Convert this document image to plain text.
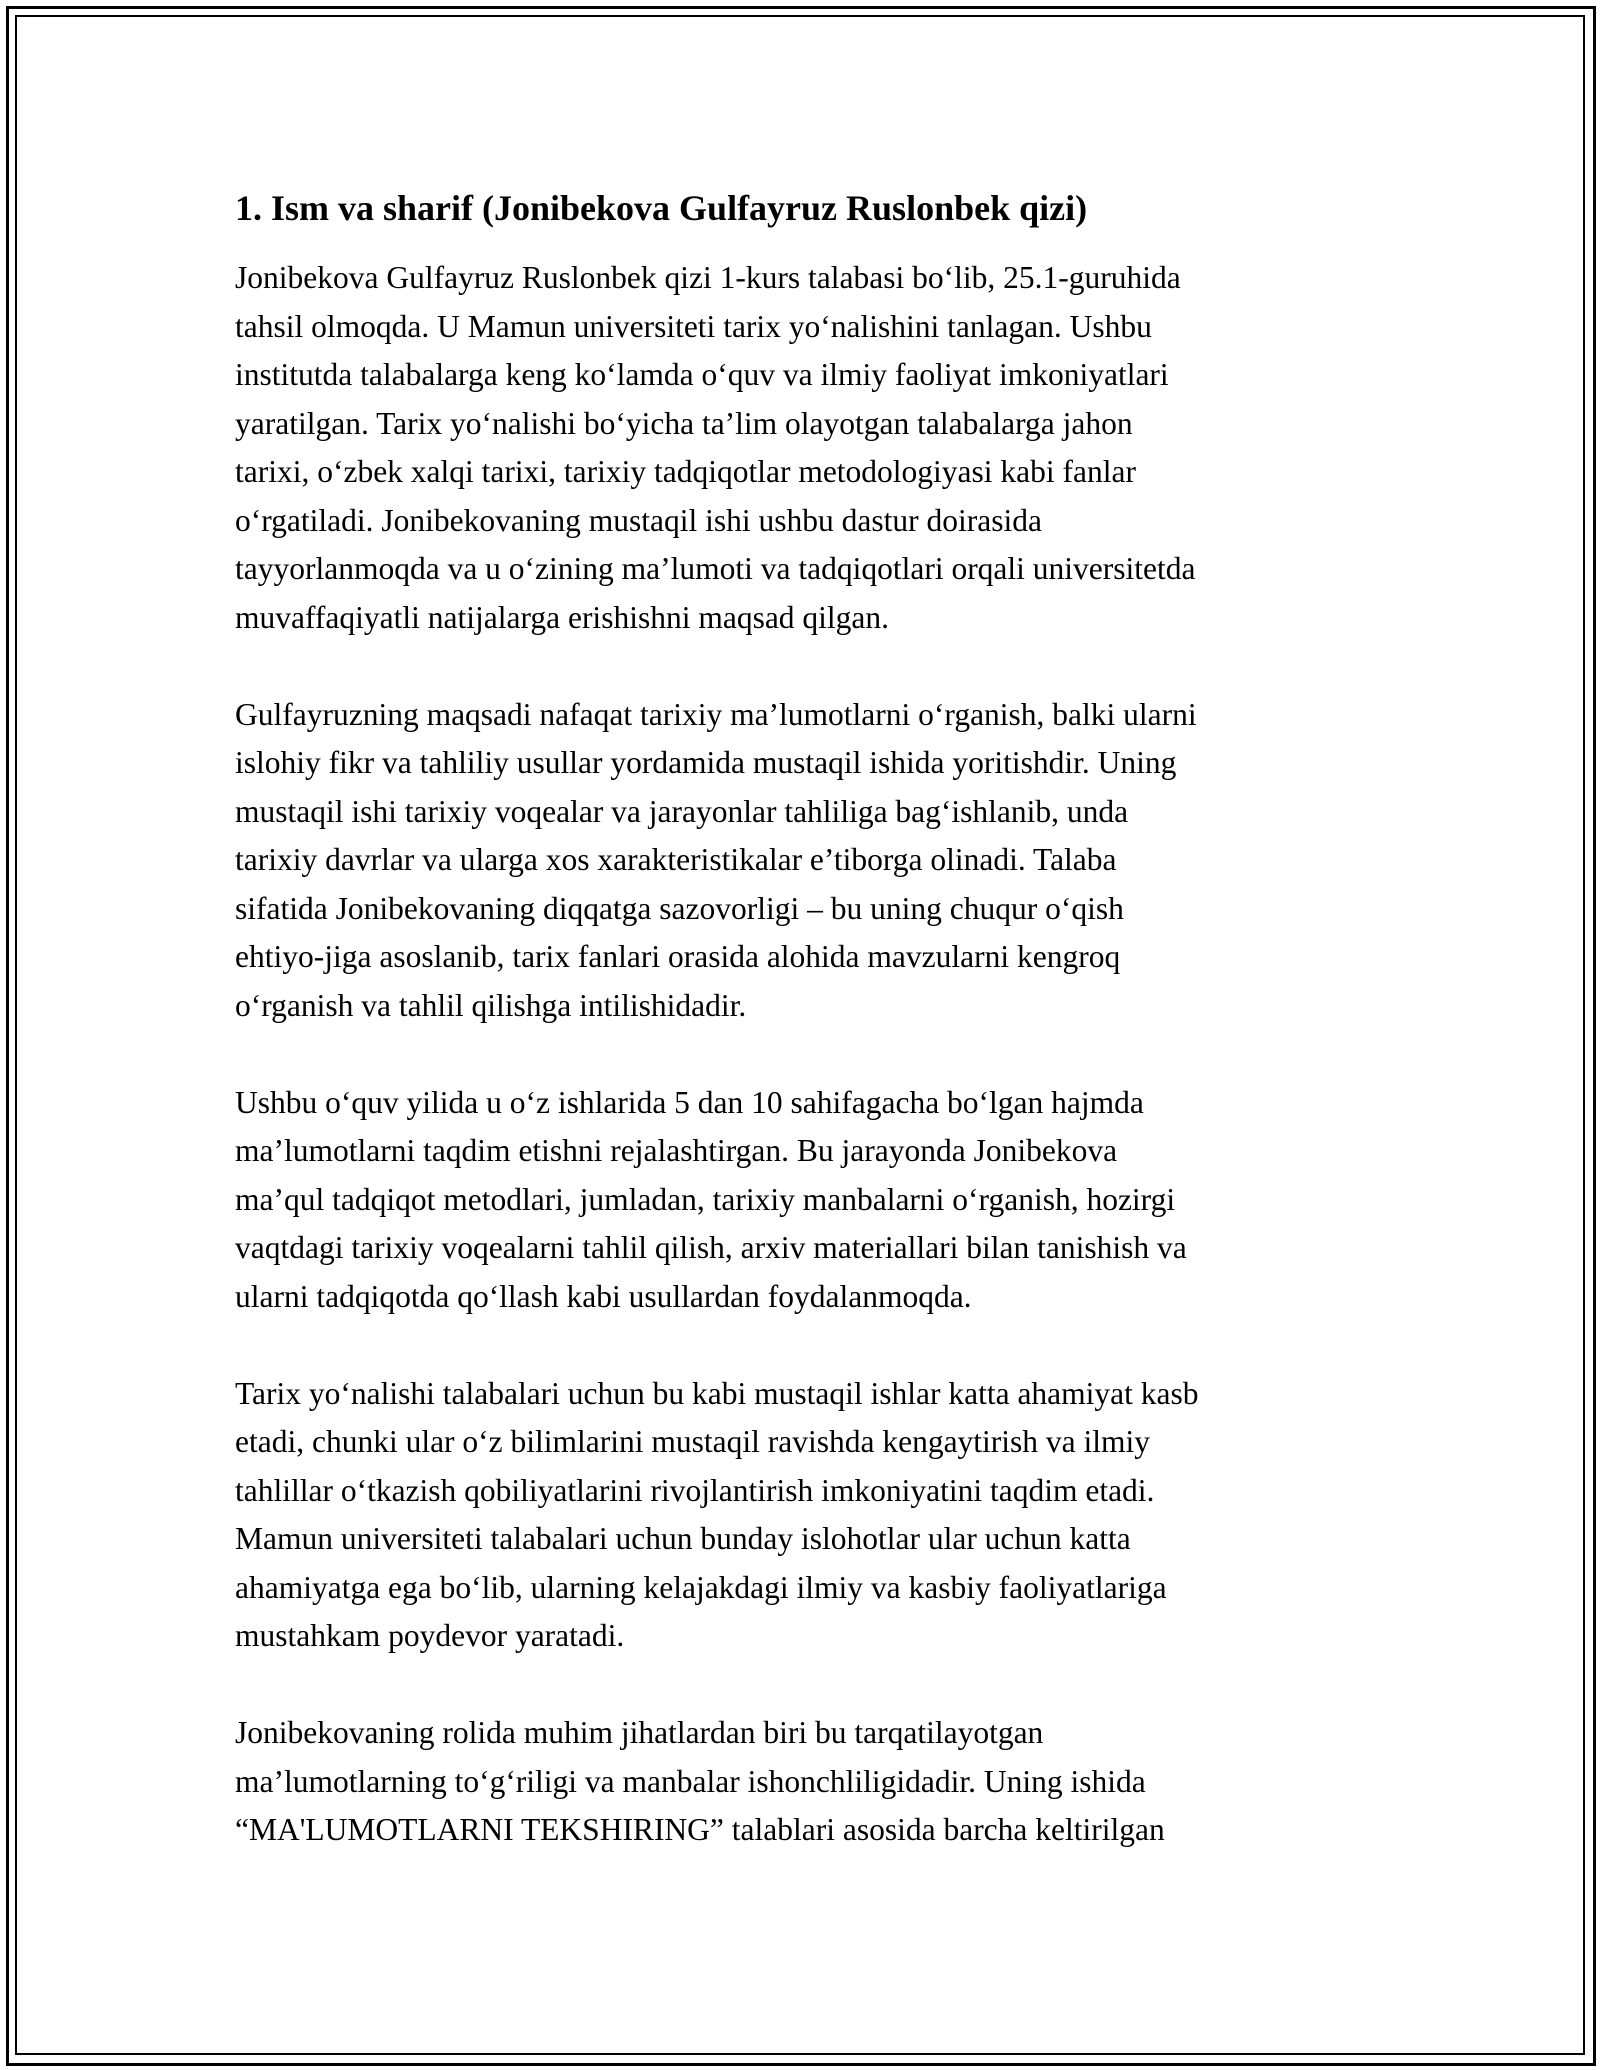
1. Ism va sharif (Jonibekova Gulfayruz Ruslonbek qizi)
Jonibekova Gulfayruz Ruslonbek qizi 1-kurs talabasi bo‘lib, 25.1-guruhida
tahsil olmoqda. U Mamun universiteti tarix yo‘nalishini tanlagan. Ushbu
institutda talabalarga keng ko‘lamda o‘quv va ilmiy faoliyat imkoniyatlari
yaratilgan. Tarix yo‘nalishi bo‘yicha ta’lim olayotgan talabalarga jahon
tarixi, o‘zbek xalqi tarixi, tarixiy tadqiqotlar metodologiyasi kabi fanlar
o‘rgatiladi. Jonibekovaning mustaqil ishi ushbu dastur doirasida
tayyorlanmoqda va u o‘zining ma’lumoti va tadqiqotlari orqali universitetda
muvaffaqiyatli natijalarga erishishni maqsad qilgan.
Gulfayruzning maqsadi nafaqat tarixiy ma’lumotlarni o‘rganish, balki ularni
islohiy fikr va tahliliy usullar yordamida mustaqil ishida yoritishdir. Uning
mustaqil ishi tarixiy voqealar va jarayonlar tahliliga bag‘ishlanib, unda
tarixiy davrlar va ularga xos xarakteristikalar e’tiborga olinadi. Talaba
sifatida Jonibekovaning diqqatga sazovorligi – bu uning chuqur o‘qish
ehtiyo-jiga asoslanib, tarix fanlari orasida alohida mavzularni kengroq
o‘rganish va tahlil qilishga intilishidadir.
Ushbu o‘quv yilida u o‘z ishlarida 5 dan 10 sahifagacha bo‘lgan hajmda
ma’lumotlarni taqdim etishni rejalashtirgan. Bu jarayonda Jonibekova
ma’qul tadqiqot metodlari, jumladan, tarixiy manbalarni o‘rganish, hozirgi
vaqtdagi tarixiy voqealarni tahlil qilish, arxiv materiallari bilan tanishish va
ularni tadqiqotda qo‘llash kabi usullardan foydalanmoqda.
Tarix yo‘nalishi talabalari uchun bu kabi mustaqil ishlar katta ahamiyat kasb
etadi, chunki ular o‘z bilimlarini mustaqil ravishda kengaytirish va ilmiy
tahlillar o‘tkazish qobiliyatlarini rivojlantirish imkoniyatini taqdim etadi.
Mamun universiteti talabalari uchun bunday islohotlar ular uchun katta
ahamiyatga ega bo‘lib, ularning kelajakdagi ilmiy va kasbiy faoliyatlariga
mustahkam poydevor yaratadi.
Jonibekovaning rolida muhim jihatlardan biri bu tarqatilayotgan
ma’lumotlarning to‘g‘riligi va manbalar ishonchliligidadir. Uning ishida
“MA'LUMOTLARNI TEKSHIRING” talablari asosida barcha keltirilgan
